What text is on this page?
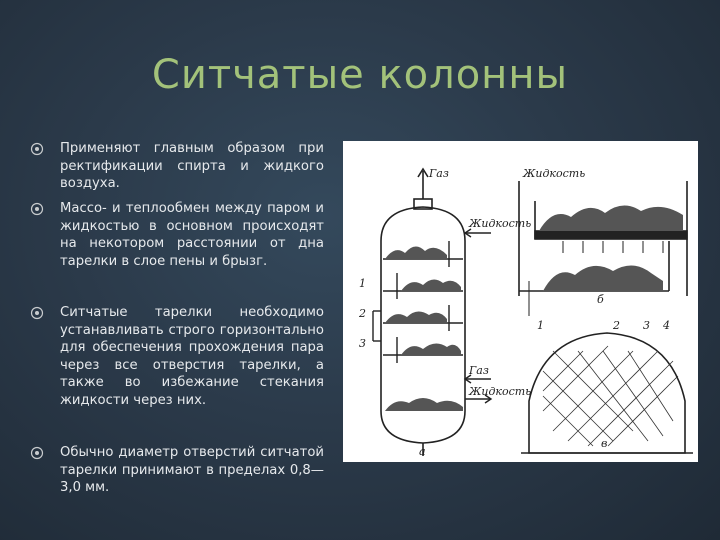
Ситчатые колонны
Применяют главным образом при ректификации спирта и жидкого воздуха.
Массо- и теплообмен между паром и жидкостью в основном происходят на некотором расстоянии от дна тарелки в слое пены и брызг.
Ситчатые тарелки необходимо устанавливать строго горизонтально для обеспечения прохождения пара через все отверстия тарелки, а также во избежание стекания жидкости через них.
Обычно диаметр отверстий ситчатой тарелки принимают в пределах 0,8—3,0 мм.
Газ
Жидкость
Газ
Жидкость
1
2
3
а
Жидкость
1	2 3 4
б
в
